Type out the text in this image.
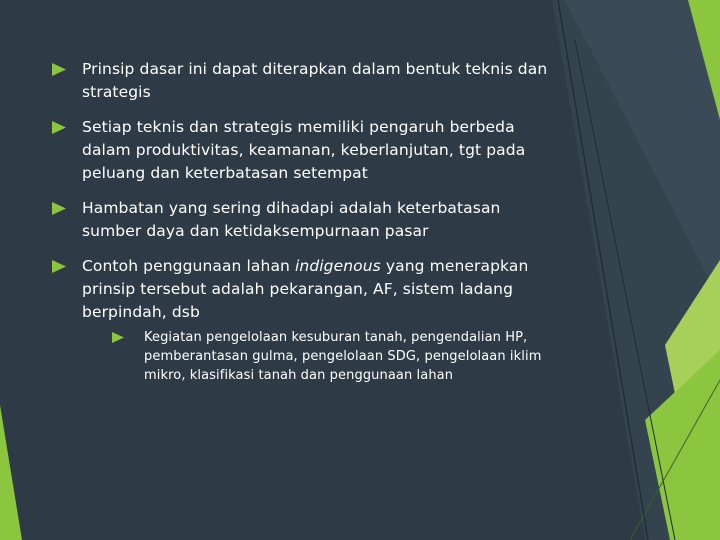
Prinsip dasar ini dapat diterapkan dalam bentuk teknis dan strategis
Setiap teknis dan strategis memiliki pengaruh berbeda dalam produktivitas, keamanan, keberlanjutan, tgt pada peluang dan keterbatasan setempat
Hambatan yang sering dihadapi adalah keterbatasan sumber daya dan ketidaksempurnaan pasar
Contoh penggunaan lahan indigenous yang menerapkan prinsip tersebut adalah pekarangan, AF, sistem ladang berpindah, dsb
Kegiatan pengelolaan kesuburan tanah, pengendalian HP, pemberantasan gulma, pengelolaan SDG, pengelolaan iklim mikro, klasifikasi tanah dan penggunaan lahan
